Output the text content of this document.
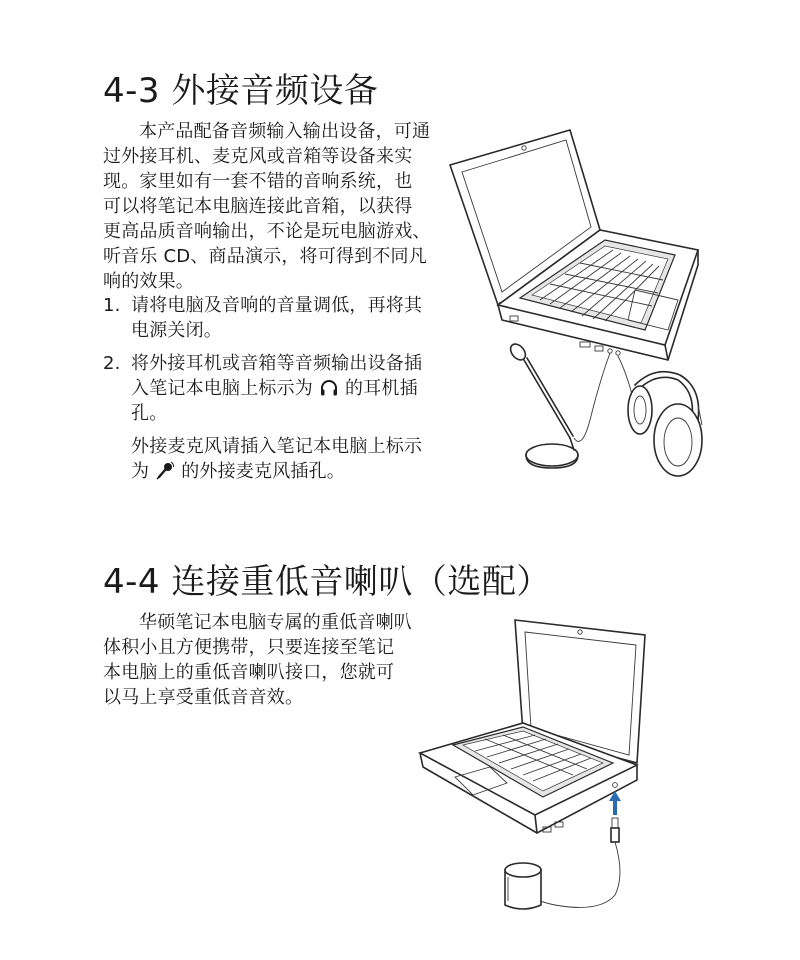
4-3 外接音频设备

本产品配备音频输入输出设备，可通

过外接耳机、麦克风或音箱等设备来实

现。家里如有一套不错的音响系统，也

可以将笔记本电脑连接此音箱，以获得

更高品质音响输出，不论是玩电脑游戏、

听音乐 CD、商品演示，将可得到不同凡

响的效果。

1. 请将电脑及音响的音量调低，再将其

电源关闭。

2. 将外接耳机或音箱等音频输出设备插

入笔记本电脑上标示为 的耳机插

孔。

外接麦克风请插入笔记本电脑上标示

为 的外接麦克风插孔。

4-4 连接重低音喇叭（选配）

华硕笔记本电脑专属的重低音喇叭

体积小且方便携带，只要连接至笔记

本电脑上的重低音喇叭接口，您就可

以马上享受重低音音效。
